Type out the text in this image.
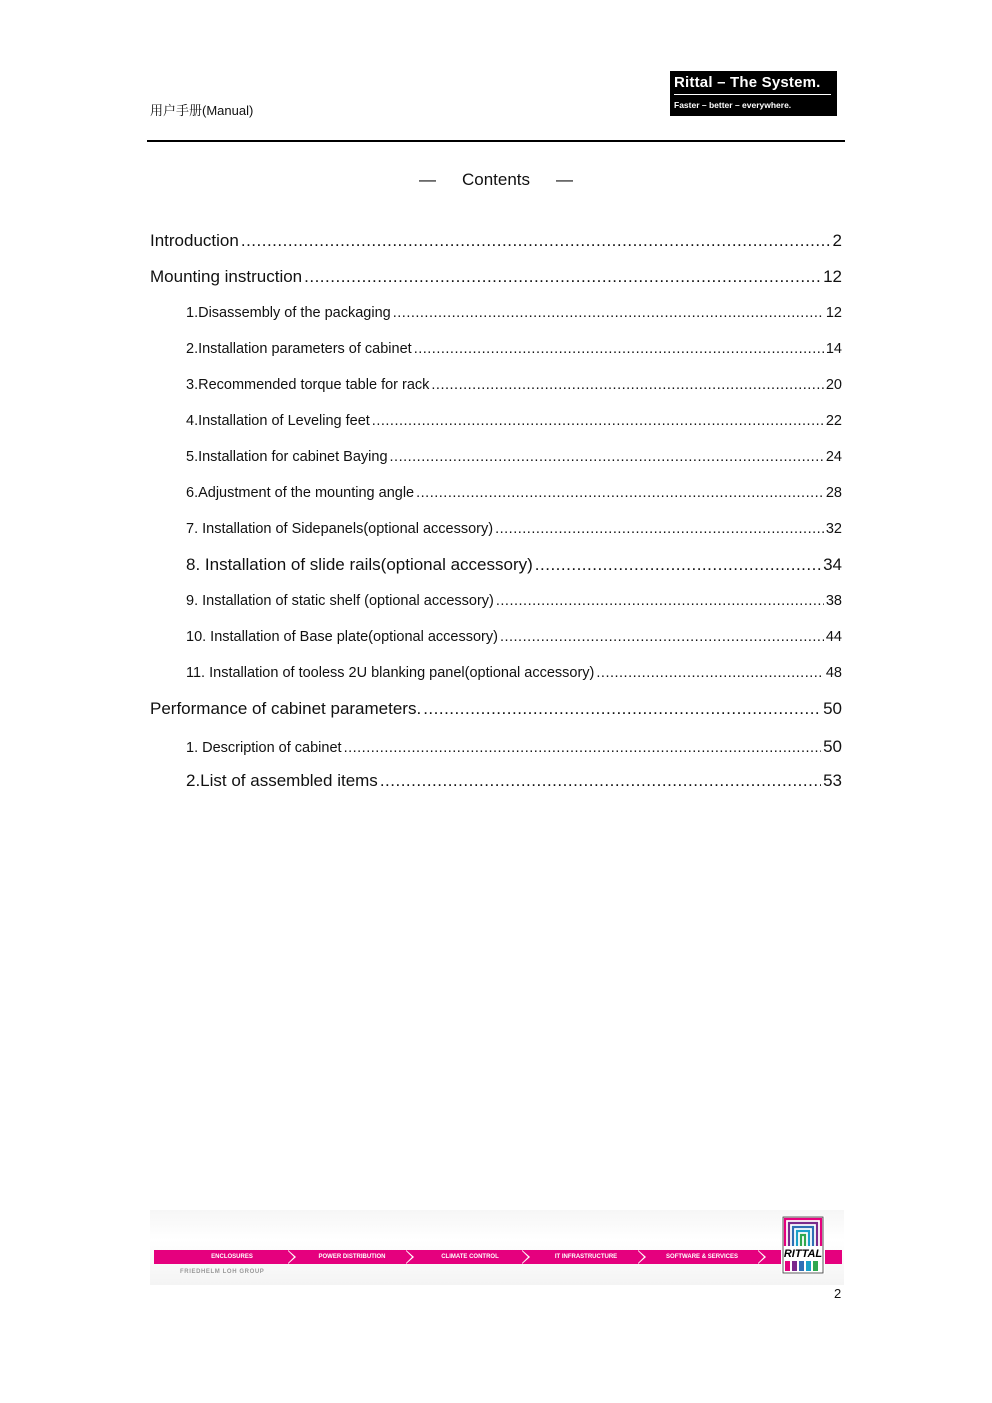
用户手册(Manual)
Rittal – The System.
Faster – better – everywhere.
— Contents —
Introduction .....	2
Mounting instruction .....	12
1.Disassembly of the packaging .....	12
2.Installation parameters of cabinet .....	14
3.Recommended torque table for rack .....	20
4.Installation of Leveling feet .....	22
5.Installation for cabinet Baying .....	24
6.Adjustment of the mounting angle .....	28
7. Installation of Sidepanels(optional accessory) .....	32
8. Installation of slide rails(optional accessory) .....	34
9. Installation of static shelf (optional accessory) .....	38
10. Installation of Base plate(optional accessory) .....	44
11. Installation of tooless 2U blanking panel(optional accessory) .....	48
Performance of cabinet parameters. .....	50
1. Description of cabinet .....	50
2.List of assembled items .....	53
ENCLOSURES	POWER DISTRIBUTION	CLIMATE CONTROL	IT INFRASTRUCTURE	SOFTWARE & SERVICES
FRIEDHELM LOH GROUP
RITTAL
2
